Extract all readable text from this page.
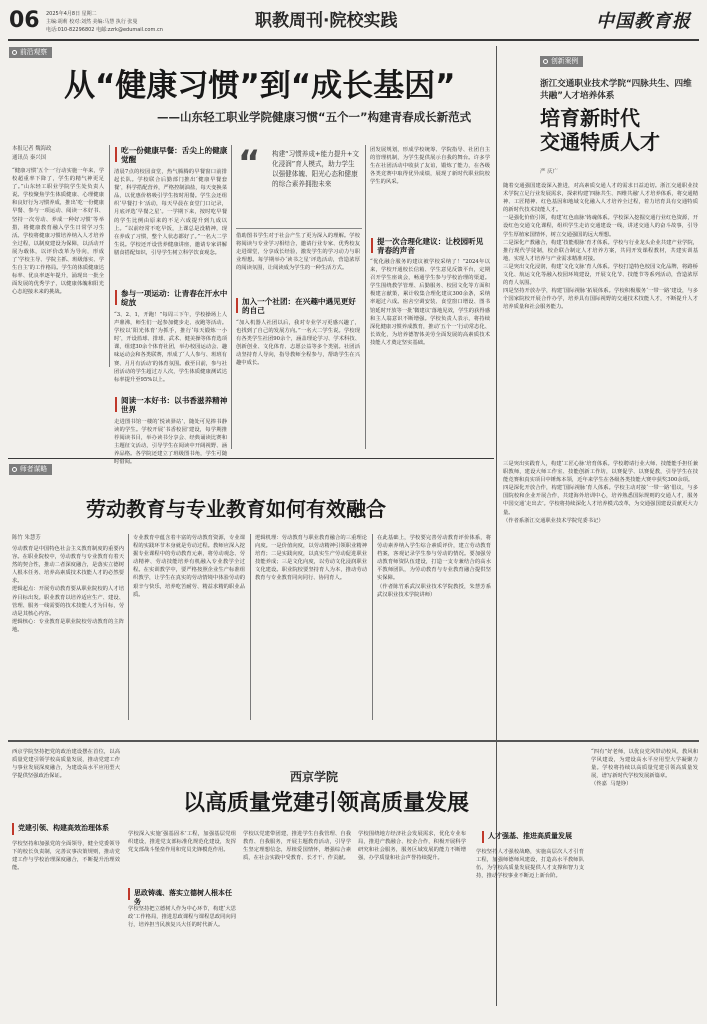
06 2025年4月8日 星期二
主编:胡莉 校对:刘然 美编:马慧 执行 张曼
电话:010-82296802 电邮:zzrk@edumail.com.cn	职教周刊·院校实践	中国教育报
前沿观察
从“健康习惯”到“成长基因”
——山东轻工职业学院健康习惯“五个一”构建青春成长新范式
本报记者 魏海政
通讯员 秦兴国
“健康习惯‘五个一’行动实施一年来，学校超重率下降了，学生的精气神更足了。”山东轻工职业学院学生处负责人说。学校聚焦学生体质健康、心理健康和良好行为习惯养成，推出‘吃一份健康早餐、参与一项运动、阅读一本好书、坚持一次劳动、养成一种好习惯’等举措，将健康教育融入学生日常学习生活。学校将健康习惯培养纳入人才培养全过程，以制度建设为保障，以活动开展为载体，以评价改革为导向，形成了‘学校主导、学院主抓、班级落实、学生自主’的工作格局。学生的体质健康达标率、优良率逐年提升，涌现出一批全面发展的优秀学子，以健康体魄和阳光心态迎接未来的挑战。
吃一份健康早餐：舌尖上的健康觉醒
清晨7点的校园食堂，热气腾腾的早餐窗口前排起长队。学校联合后勤部门推出‘健康早餐套餐’，科学搭配营养，严格控制油盐，每天变换菜品，以优惠价格吸引学生按时用餐。学生会还组织‘早餐打卡’活动，每天早晨在食堂门口记录，月底评选‘早餐之星’。一学期下来，按时吃早餐的学生比例由原来的不足六成提升到九成以上。“以前经常不吃早饭，上课总是没精神，现在养成了习惯，整个人状态都好了。”一名大二学生说。学校还开设营养健康讲座，邀请专家讲解膳食搭配知识，引导学生树立科学饮食观念。
参与一项运动：让青春在汗水中绽放
“3、2、1，开跑！”每周三下午，学校操场上人声鼎沸，师生们一起参加健步走、夜跑等活动。学校以‘阳光体育’为抓手，推行‘每天锻炼一小时’，开设篮球、排球、武术、健美操等体育选项课，组建30余个体育社团，举办校园运动会、趣味运动会和各类联赛，形成了‘人人参与、班班有赛、月月有活动’的体育氛围。截至目前，参与社团活动的学生超过万人次，学生体质健康测试达标率提升至95%以上。
阅读一本好书：以书香滋养精神世界
走进图书馆一楼的‘悦读驿站’，随处可见捧书静读的学生。学校开展‘书香校园’建设，每学期推荐阅读书目，举办读书分享会、经典诵读比赛和主题征文活动，引导学生在阅读中开阔视野、涵养品格。各学院还建立了班级图书角，学生可随时借阅。
“ 构建“习惯养成+能力提升+文化浸润”育人模式，助力学生以强健体魄、阳光心态和健康的综合素养拥抱未来
借助图书学生对于社会产生了更为深入的理解。学校将阅读与专业学习相结合，邀请行业专家、优秀校友走进课堂，分享成长经验，激发学生的学习动力与职业理想。每学期举办‘读书之星’评选活动，营造浓厚的阅读氛围，让阅读成为学生的一种生活方式。
加入一个社团：在兴趣中遇见更好的自己
“加入机器人社团以后，我对专业学习更感兴趣了，也找到了自己的发展方向。”一名大二学生说。学校现有各类学生社团90余个，涵盖理论学习、学术科技、创新创业、文化体育、志愿公益等多个类别。社团活动坚持育人导向，指导教师全程参与，帮助学生在兴趣中成长。
团发展规划，形成学校统筹、学院指导、社团自主的管理机制，为学生提供展示自我的舞台。许多学生在社团活动中收获了友谊，锻炼了能力，在各级各类竞赛中取得优异成绩，展现了新时代职业院校学生的风采。
提一次合理化建议：让校园听见青春的声音
“优化融合服务的建议被学校采纳了！”2024年以来，学校开通校长信箱、学生意见反馈平台，定期召开学生座谈会，畅通学生参与学校治理的渠道。学生围绕教学管理、后勤服务、校园文化等方面积极建言献策，累计收集合理化建议300余条，采纳率超过六成。宿舍空调安装、食堂窗口增设、图书馆延时开放等一批‘微建议’落地见效，学生的获得感和主人翁意识不断增强。学校负责人表示，将持续深化健康习惯养成教育，推动‘五个一’行动常态化、长效化，为培养德智体美劳全面发展的高素质技术技能人才奠定坚实基础。
创新案例
浙江交通职业技术学院“四脉共生、四维共融”人才培养体系
培育新时代
交通特质人才
严 庆广
随着交通强国建设深入推进，对高素质交通人才的需求日益迫切。浙江交通职业技术学院立足行业发展需求，探索构建‘四脉共生、四维共融’人才培养体系，将交通精神、工匠精神、红色基因和地域文化融入人才培养全过程，着力培育具有交通特质的新时代技术技能人才。
一是强化价值引领，构建‘红色血脉’铸魂体系。学校深入挖掘交通行业红色资源，开设红色交通文化课程，组织学生走访交通建设一线，讲述交通人的奋斗故事，引导学生厚植家国情怀，树立交通强国的远大理想。
二是深化产教融合，构建‘技能根脉’育才体系。学校与行业龙头企业共建产业学院，推行现代学徒制，校企联合制定人才培养方案，共同开发课程教材，共建实训基地，实现人才培养与产业需求精准对接。
三是突出文化浸润，构建‘文化文脉’育人体系。学校打造特色校园文化品牌，将路桥文化、航运文化等融入校园环境建设，开展文化节、技能节等系列活动，营造浓厚的育人氛围。
四是坚持开放办学，构建‘国际视脉’拓展体系。学校积极服务‘一带一路’建设，与多个国家院校开展合作办学，培养具有国际视野的交通技术技能人才，不断提升人才培养质量和社会服务能力。
师者谋略
劳动教育与专业教育如何有效融合
陈竹 朱慧芳
劳动教育是中国特色社会主义教育制度的重要内容。在职业院校中，劳动教育与专业教育有着天然的契合性，推动二者深度融合，是落实立德树人根本任务、培养高素质技术技能人才的必然要求。
逻辑起点：开展劳动教育要从职业院校的人才培养目标出发。职业教育以培养适应生产、建设、管理、服务一线需要的技术技能人才为目标，劳动是其核心内容。
逻辑核心：专业教育是职业院校劳动教育的主阵地。
专业教育中蕴含着丰富的劳动教育资源，专业课程的实践环节本身就是劳动过程。教师应深入挖掘专业课程中的劳动教育元素，将劳动观念、劳动精神、劳动技能培养有机融入专业教学全过程。在实训教学中，要严格按照企业生产标准组织教学，让学生在真实的劳动情境中体验劳动的艰辛与快乐，培养吃苦耐劳、精益求精的职业品质。
逻辑机理：劳动教育与职业教育融合的三重理论向度。一是价值向度，以劳动精神引领职业精神培育；二是实践向度，以真实生产劳动促进职业技能养成；三是文化向度，以劳动文化浸润职业文化建设。职业院校要坚持育人为本，推动劳动教育与专业教育同向同行、协同育人。
在此基础上，学校要完善劳动教育评价体系，将劳动素养纳入学生综合素质评价，建立劳动教育档案，客观记录学生参与劳动的情况。要加强劳动教育师资队伍建设，打造一支专兼结合的高水平教师团队，为劳动教育与专业教育融合提供坚实保障。
（作者陈竹系武汉职业技术学院教授，朱慧芳系武汉职业技术学院讲师）
三是突出实践育人，构建‘工匠心脉’培育体系。学校聘请行业大师、技能能手担任兼职教师，建设大师工作室、技能创新工作坊，以赛促学、以赛促教，引导学生在技能竞赛和真实项目中锤炼本领，近年来学生在各级各类技能大赛中获奖300余项。
四是深化开放合作，构建‘国际视脉’育人体系。学校主动对接‘一带一路’倡议，与多国院校和企业开展合作，共建海外培训中心，培养熟悉国际规则的交通人才，服务中国交通‘走出去’。学校将持续深化人才培养模式改革，为交通强国建设贡献更大力量。
（作者系浙江交通职业技术学院党委书记）
西京学院坚持把党的政治建设摆在首位，以高质量党建引领学校高质量发展，推动党建工作与事业发展深度融合，为建设高水平应用型大学提供坚强政治保证。
党建引领、构建高效治理体系
学校坚持和加强党的全面领导，健全党委领导下的校长负责制，完善议事决策规则，推动党建工作与学校治理深度融合，不断提升治理效能。
西京学院
以高质量党建引领高质量发展
学校深入实施‘强基固本’工程，加强基层党组织建设，推进党支部标准化规范化建设，发挥党支部战斗堡垒作用和党员先锋模范作用。
思政铸魂、落实立德树人根本任务
学校坚持把立德树人作为中心环节，构建‘大思政’工作格局，推进思政课程与课程思政同向同行，培养担当民族复兴大任的时代新人。
学校以党建带团建，推进学生自我管理、自我教育、自我服务，开展主题教育活动，引导学生坚定理想信念，厚植爱国情怀，增强综合素质，在社会实践中受教育、长才干、作贡献。
学校围绕地方经济社会发展需求，优化专业布局，推进产教融合、校企合作，积极开展科学研究和社会服务，服务区域发展的能力不断增强，办学质量和社会声誉持续提升。
人才强基、推进高质量发展
学校坚持人才强校战略，实施高层次人才引育工程，加强师德师风建设，打造高水平教师队伍，为学校高质量发展提供人才支撑和智力支持，推动学校事业不断迈上新台阶。
“四有”好老师，以优良党风带动校风、教风和学风建设，为建设高水平应用型大学凝聚力量。学校将持续以高质量党建引领高质量发展，谱写新时代学校发展新篇章。
（佟嘉  马楚铮）
